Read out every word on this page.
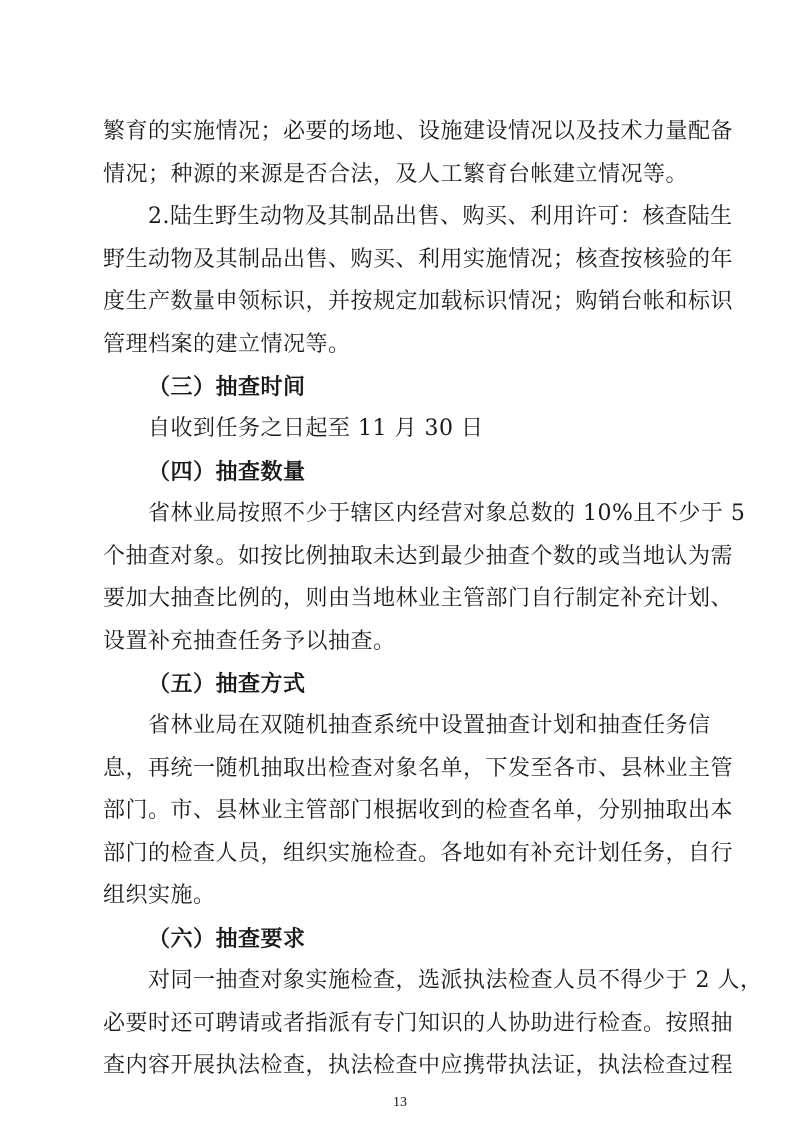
繁育的实施情况；必要的场地、设施建设情况以及技术力量配备
情况；种源的来源是否合法，及人工繁育台帐建立情况等。
2.陆生野生动物及其制品出售、购买、利用许可：核查陆生
野生动物及其制品出售、购买、利用实施情况；核查按核验的年
度生产数量申领标识，并按规定加载标识情况；购销台帐和标识
管理档案的建立情况等。
（三）抽查时间
自收到任务之日起至 11 月 30 日
（四）抽查数量
省林业局按照不少于辖区内经营对象总数的 10%且不少于 5
个抽查对象。如按比例抽取未达到最少抽查个数的或当地认为需
要加大抽查比例的，则由当地林业主管部门自行制定补充计划、
设置补充抽查任务予以抽查。
（五）抽查方式
省林业局在双随机抽查系统中设置抽查计划和抽查任务信
息，再统一随机抽取出检查对象名单，下发至各市、县林业主管
部门。市、县林业主管部门根据收到的检查名单，分别抽取出本
部门的检查人员，组织实施检查。各地如有补充计划任务，自行
组织实施。
（六）抽查要求
对同一抽查对象实施检查，选派执法检查人员不得少于 2 人，
必要时还可聘请或者指派有专门知识的人协助进行检查。按照抽
查内容开展执法检查，执法检查中应携带执法证，执法检查过程
13
